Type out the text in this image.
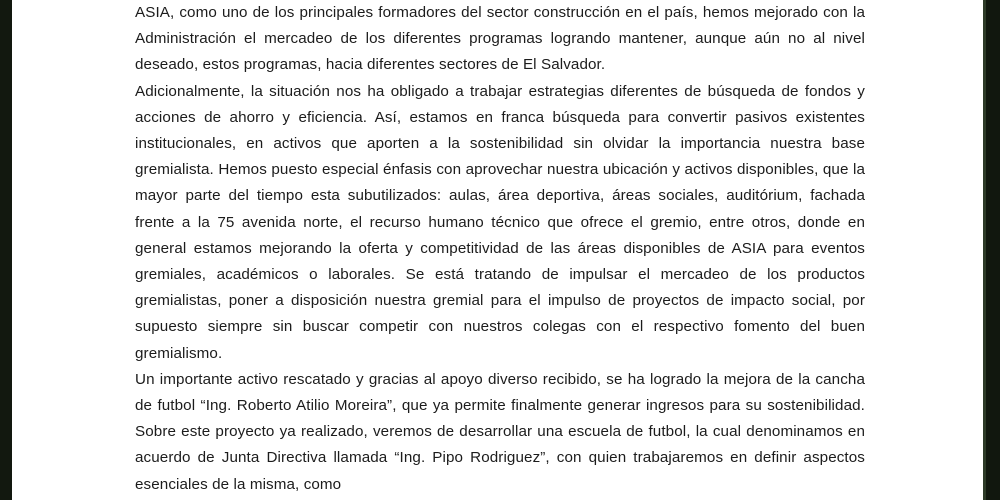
ASIA, como uno de los principales formadores del sector construcción en el país, hemos mejorado con la Administración el mercadeo de los diferentes programas logrando mantener, aunque aún no al nivel deseado, estos programas, hacia diferentes sectores de El Salvador.

Adicionalmente, la situación nos ha obligado a trabajar estrategias diferentes de búsqueda de fondos y acciones de ahorro y eficiencia. Así, estamos en franca búsqueda para convertir pasivos existentes institucionales, en activos que aporten a la sostenibilidad sin olvidar la importancia nuestra base gremialista. Hemos puesto especial énfasis con aprovechar nuestra ubicación y activos disponibles, que la mayor parte del tiempo esta subutilizados: aulas, área deportiva, áreas sociales, auditórium, fachada frente a la 75 avenida norte, el recurso humano técnico que ofrece el gremio, entre otros, donde en general estamos mejorando la oferta y competitividad de las áreas disponibles de ASIA para eventos gremiales, académicos o laborales. Se está tratando de impulsar el mercadeo de los productos gremialistas, poner a disposición nuestra gremial para el impulso de proyectos de impacto social, por supuesto siempre sin buscar competir con nuestros colegas con el respectivo fomento del buen gremialismo.

Un importante activo rescatado y gracias al apoyo diverso recibido, se ha logrado la mejora de la cancha de futbol “Ing. Roberto Atilio Moreira”, que ya permite finalmente generar ingresos para su sostenibilidad. Sobre este proyecto ya realizado, veremos de desarrollar una escuela de futbol, la cual denominamos en acuerdo de Junta Directiva llamada “Ing. Pipo Rodriguez”, con quien trabajaremos en definir aspectos esenciales de la misma, como
